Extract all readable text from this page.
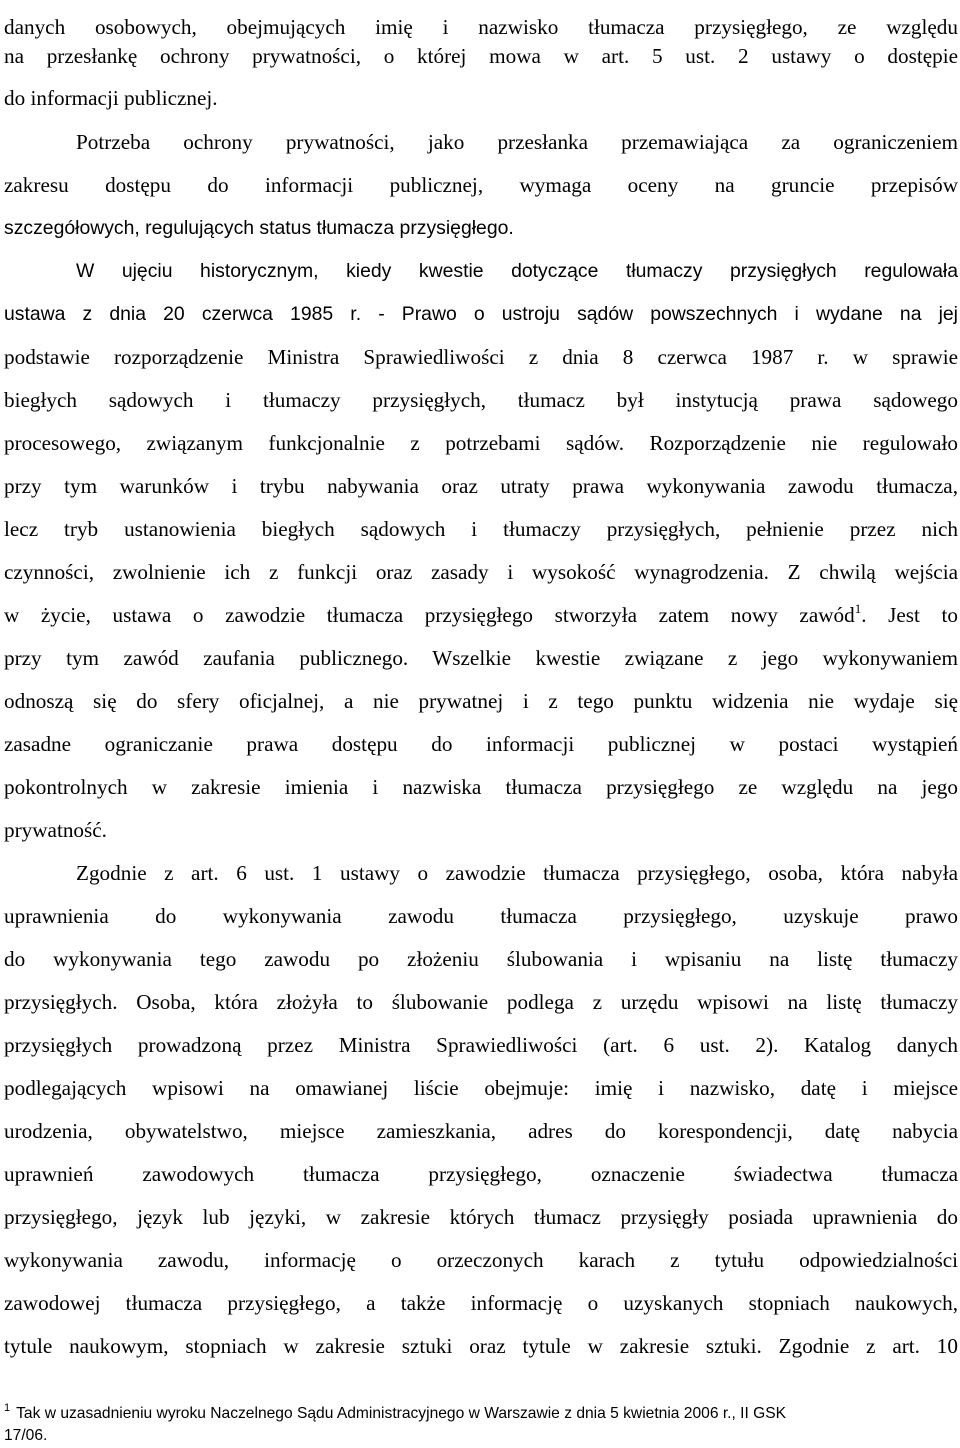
danych osobowych, obejmujących imię i nazwisko tłumacza przysięgłego, ze względu
na przesłankę ochrony prywatności, o której mowa w art. 5 ust. 2 ustawy o dostępie
do informacji publicznej.
Potrzeba ochrony prywatności, jako przesłanka przemawiająca za ograniczeniem
zakresu dostępu do informacji publicznej, wymaga oceny na gruncie przepisów
szczegółowych, regulujących status tłumacza przysięgłego.
W ujęciu historycznym, kiedy kwestie dotyczące tłumaczy przysięgłych regulowała
ustawa z dnia 20 czerwca 1985 r. - Prawo o ustroju sądów powszechnych i wydane na jej
podstawie rozporządzenie Ministra Sprawiedliwości z dnia 8 czerwca 1987 r. w sprawie
biegłych sądowych i tłumaczy przysięgłych, tłumacz był instytucją prawa sądowego
procesowego, związanym funkcjonalnie z potrzebami sądów. Rozporządzenie nie regulowało
przy tym warunków i trybu nabywania oraz utraty prawa wykonywania zawodu tłumacza,
lecz tryb ustanowienia biegłych sądowych i tłumaczy przysięgłych, pełnienie przez nich
czynności, zwolnienie ich z funkcji oraz zasady i wysokość wynagrodzenia. Z chwilą wejścia
w życie, ustawa o zawodzie tłumacza przysięgłego stworzyła zatem nowy zawód$^1$. Jest to
przy tym zawód zaufania publicznego. Wszelkie kwestie związane z jego wykonywaniem
odnoszą się do sfery oficjalnej, a nie prywatnej i z tego punktu widzenia nie wydaje się
zasadne ograniczanie prawa dostępu do informacji publicznej w postaci wystąpień
pokontrolnych w zakresie imienia i nazwiska tłumacza przysięgłego ze względu na jego
prywatność.
Zgodnie z art. 6 ust. 1 ustawy o zawodzie tłumacza przysięgłego, osoba, która nabyła
uprawnienia do wykonywania zawodu tłumacza przysięgłego, uzyskuje prawo
do wykonywania tego zawodu po złożeniu ślubowania i wpisaniu na listę tłumaczy
przysięgłych. Osoba, która złożyła to ślubowanie podlega z urzędu wpisowi na listę tłumaczy
przysięgłych prowadzoną przez Ministra Sprawiedliwości (art. 6 ust. 2). Katalog danych
podlegających wpisowi na omawianej liście obejmuje: imię i nazwisko, datę i miejsce
urodzenia, obywatelstwo, miejsce zamieszkania, adres do korespondencji, datę nabycia
uprawnień zawodowych tłumacza przysięgłego, oznaczenie świadectwa tłumacza
przysięgłego, język lub języki, w zakresie których tłumacz przysięgły posiada uprawnienia do
wykonywania zawodu, informację o orzeczonych karach z tytułu odpowiedzialności
zawodowej tłumacza przysięgłego, a także informację o uzyskanych stopniach naukowych,
tytule naukowym, stopniach w zakresie sztuki oraz tytule w zakresie sztuki. Zgodnie z art. 10
$^1$ Tak w uzasadnieniu wyroku Naczelnego Sądu Administracyjnego w Warszawie z dnia 5 kwietnia 2006 r., II GSK
17/06.
